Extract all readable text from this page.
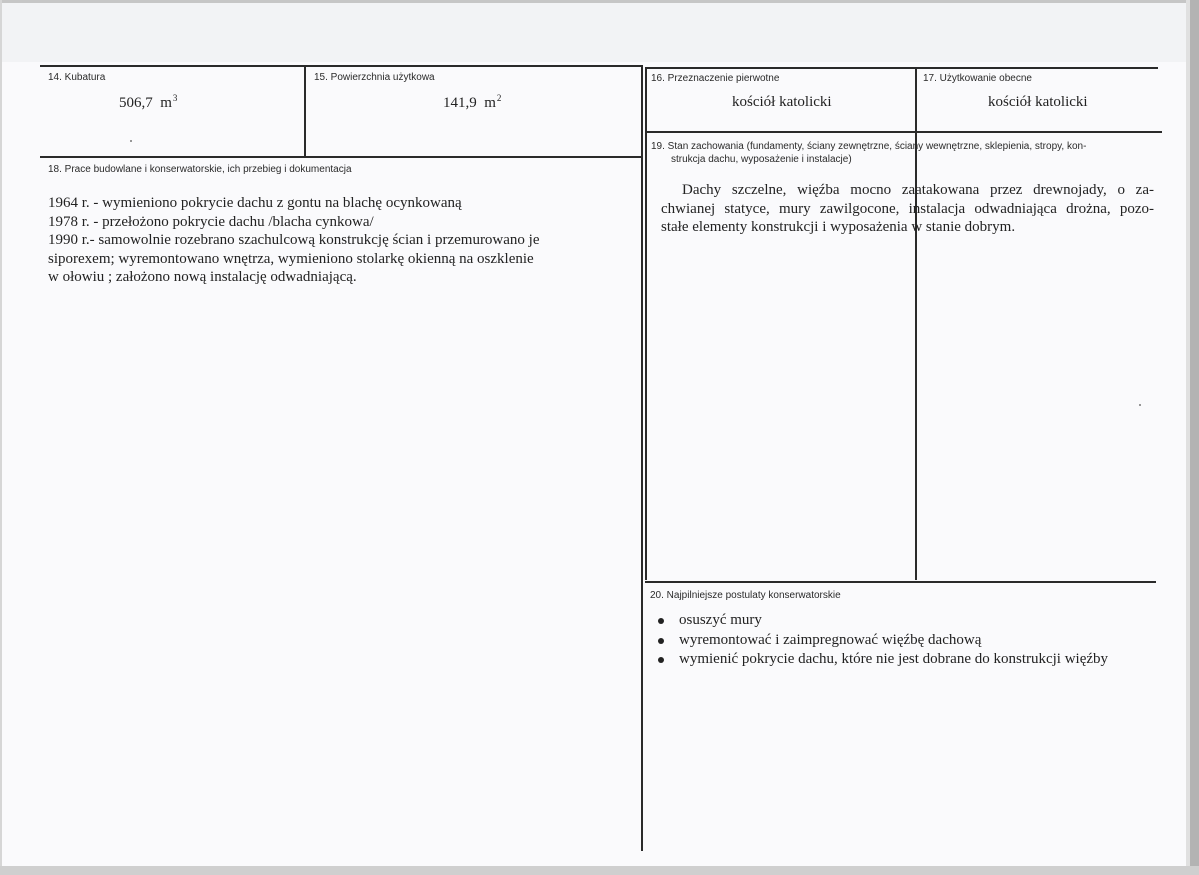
14. Kubatura
506,7 $m^3$
15. Powierzchnia użytkowa
141,9 $m^2$
16. Przeznaczenie pierwotne
kościół katolicki
17. Użytkowanie obecne
kościół katolicki
18. Prace budowlane i konserwatorskie, ich przebieg i dokumentacja
1964 r. - wymieniono pokrycie dachu z gontu na blachę ocynkowaną
1978 r. - przełożono pokrycie dachu /blacha cynkowa/
1990 r.- samowolnie rozebrano szachulcową konstrukcję ścian i przemurowano je
siporexem; wyremontowano wnętrza, wymieniono stolarkę okienną na oszklenie
w ołowiu ; założono nową instalację odwadniającą.
19. Stan zachowania (fundamenty, ściany zewnętrzne, ściany wewnętrzne, sklepienia, stropy, kon-
strukcja dachu, wyposażenie i instalacje)
Dachy szczelne, więźba mocno zaatakowana przez drewnojady, o za-
chwianej statyce, mury zawilgocone, instalacja odwadniająca drożna, pozo-
stałe elementy konstrukcji i wyposażenia w stanie dobrym.
20. Najpilniejsze postulaty konserwatorskie
osuszyć mury
wyremontować i zaimpregnować więźbę dachową
wymienić pokrycie dachu, które nie jest dobrane do konstrukcji więźby
